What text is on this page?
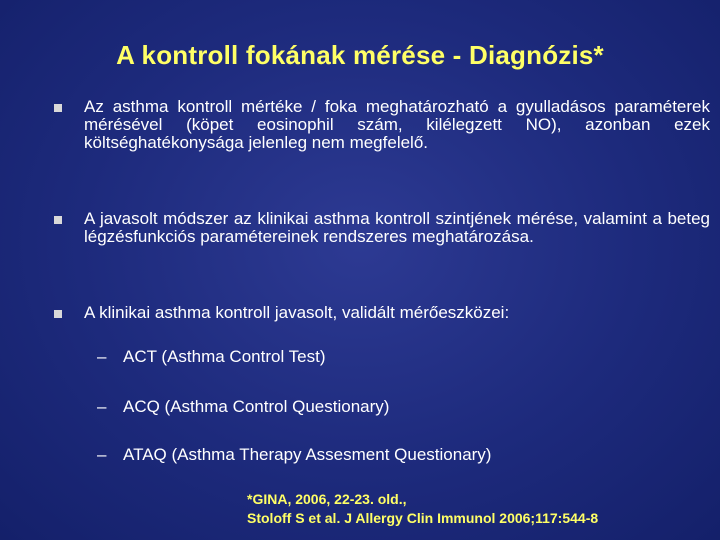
A kontroll fokának mérése - Diagnózis*
Az asthma kontroll mértéke / foka meghatározható a gyulladásos paraméterek mérésével (köpet eosinophil szám, kilélegzett NO), azonban ezek költséghatékonysága jelenleg nem megfelelő.
A javasolt módszer az klinikai asthma kontroll szintjének mérése, valamint a beteg légzésfunkciós paramétereinek rendszeres meghatározása.
A klinikai asthma kontroll javasolt, validált mérőeszközei:
– ACT (Asthma Control Test)
– ACQ (Asthma Control Questionary)
– ATAQ (Asthma Therapy Assesment Questionary)
*GINA, 2006, 22-23. old.,
Stoloff S et al. J Allergy Clin Immunol 2006;117:544-8
